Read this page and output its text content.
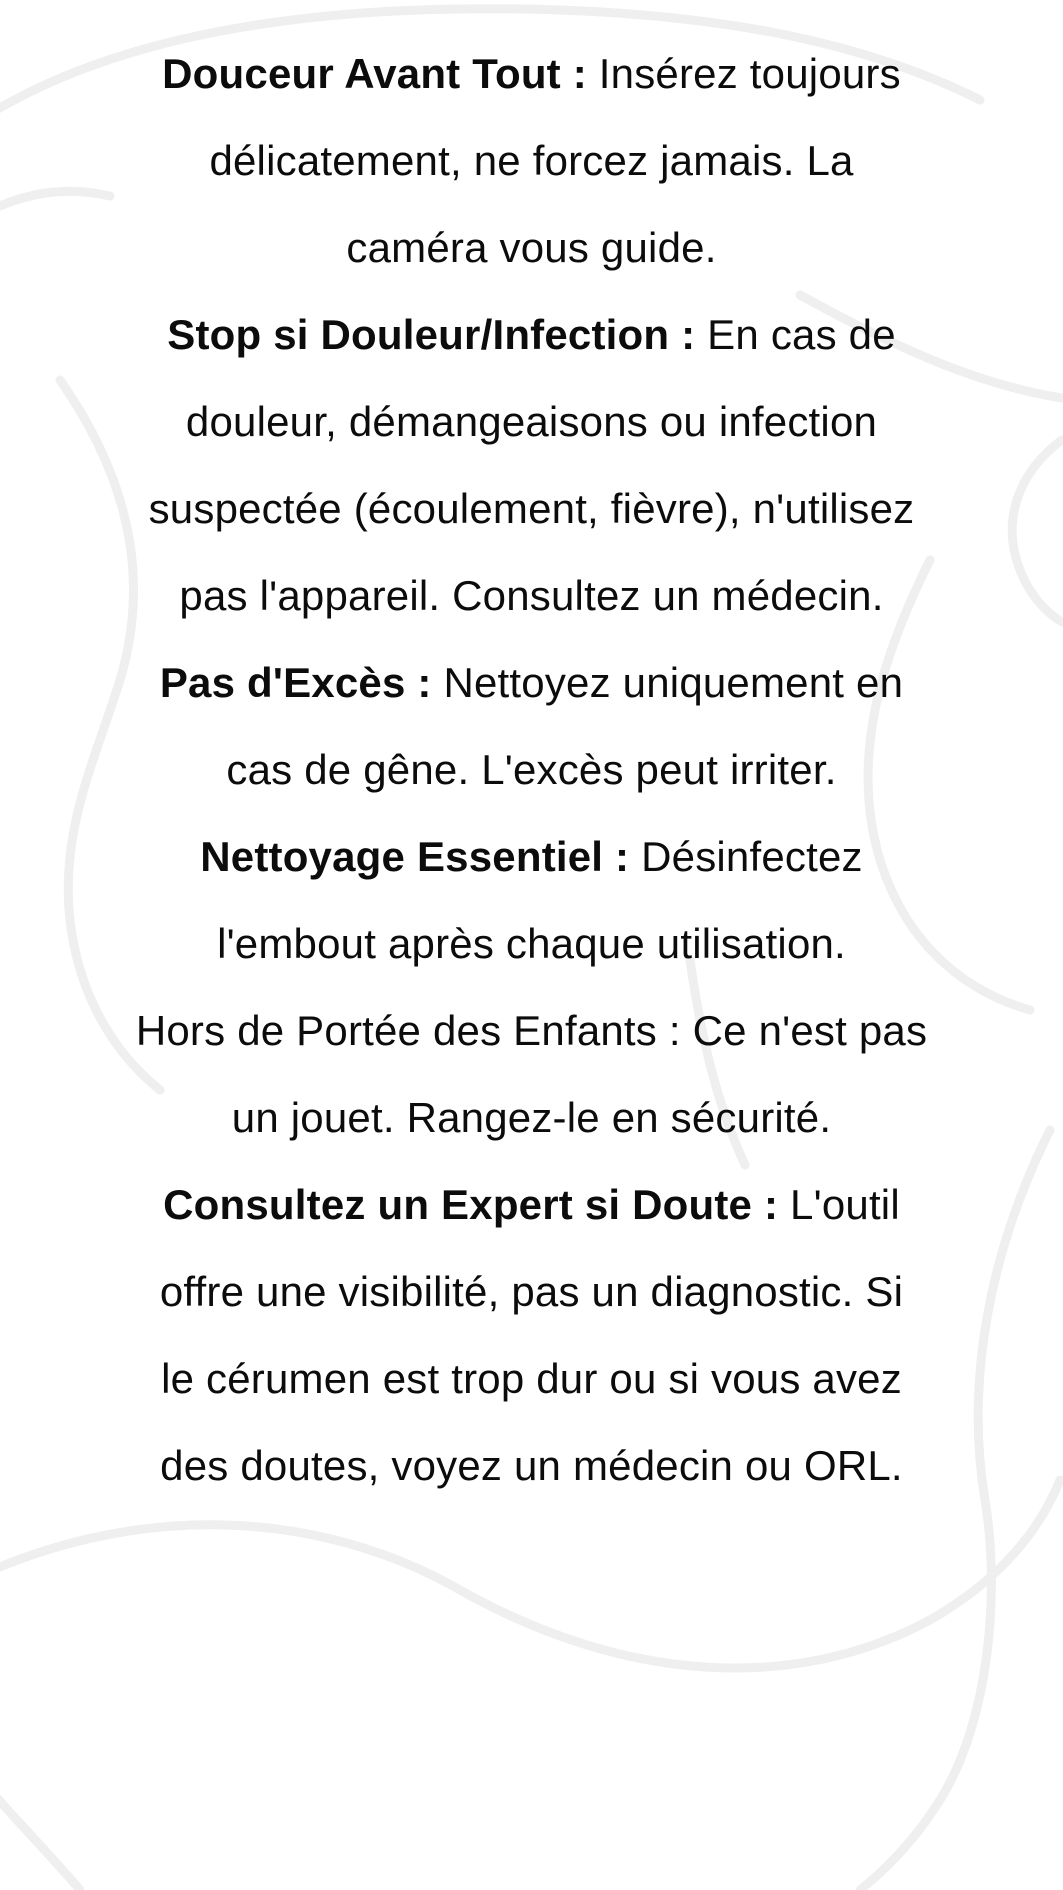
Douceur Avant Tout : Insérez toujours
délicatement, ne forcez jamais. La
caméra vous guide.
Stop si Douleur/Infection : En cas de
douleur, démangeaisons ou infection
suspectée (écoulement, fièvre), n'utilisez
pas l'appareil. Consultez un médecin.
Pas d'Excès : Nettoyez uniquement en
cas de gêne. L'excès peut irriter.
Nettoyage Essentiel : Désinfectez
l'embout après chaque utilisation.
Hors de Portée des Enfants : Ce n'est pas
un jouet. Rangez-le en sécurité.
Consultez un Expert si Doute : L'outil
offre une visibilité, pas un diagnostic. Si
le cérumen est trop dur ou si vous avez
des doutes, voyez un médecin ou ORL.
